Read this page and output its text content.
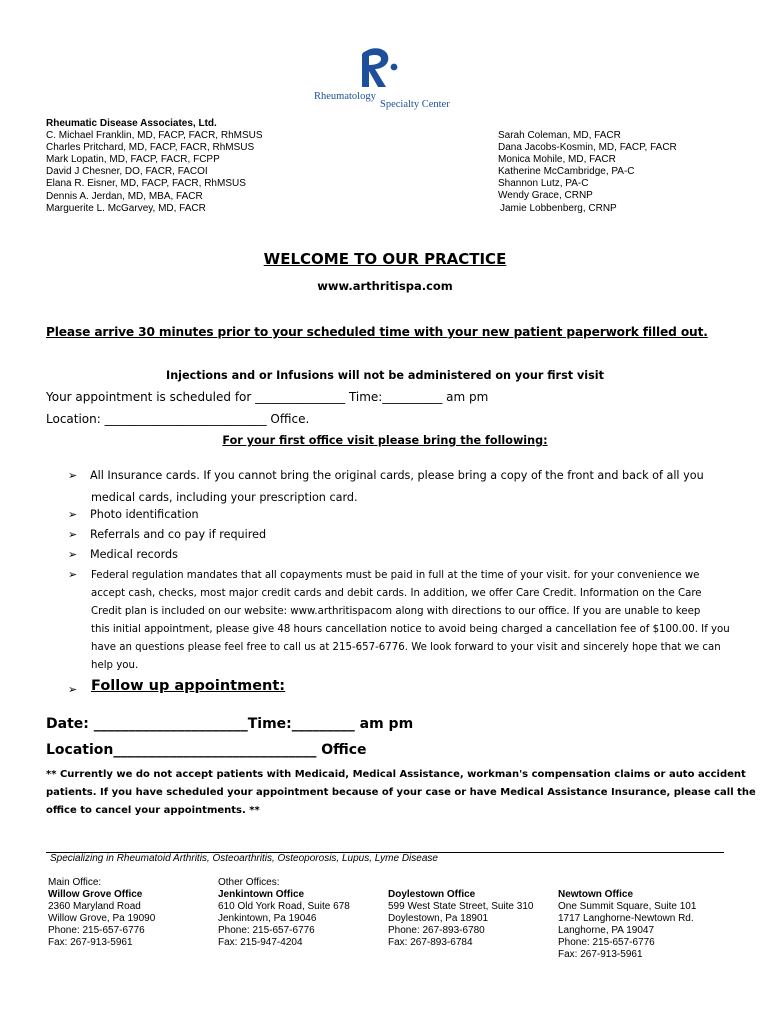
Rheumatology
Specialty Center
Rheumatic Disease Associates, Ltd.
C. Michael Franklin, MD, FACP, FACR, RhMSUS
Charles Pritchard, MD, FACP, FACR, RhMSUS
Mark Lopatin, MD, FACP, FACR, FCPP
David J Chesner, DO, FACR, FACOI
Elana R. Eisner, MD, FACP, FACR, RhMSUS
Dennis A. Jerdan, MD, MBA, FACR
Marguerite L. McGarvey, MD, FACR
Sarah Coleman, MD, FACR
Dana Jacobs-Kosmin, MD, FACP, FACR
Monica Mohile, MD, FACR
Katherine McCambridge, PA-C
Shannon Lutz, PA-C
Wendy Grace, CRNP
Jamie Lobbenberg, CRNP
WELCOME TO OUR PRACTICE
www.arthritispa.com
Please arrive 30 minutes prior to your scheduled time with your new patient paperwork filled out.
Injections and or Infusions will not be administered on your first visit
Your appointment is scheduled for _______________ Time:__________ am pm
Location: ___________________________ Office.
For your first office visit please bring the following:
➢ All Insurance cards. If you cannot bring the original cards, please bring a copy of the front and back of all you
medical cards, including your prescription card.
➢ Photo identification
➢ Referrals and co pay if required
➢ Medical records
➢ Federal regulation mandates that all copayments must be paid in full at the time of your visit. for your convenience we
accept cash, checks, most major credit cards and debit cards. In addition, we offer Care Credit. Information on the Care
Credit plan is included on our website: www.arthritispacom along with directions to our office. If you are unable to keep
this initial appointment, please give 48 hours cancellation notice to avoid being charged a cancellation fee of $100.00. If you
have an questions please feel free to call us at 215-657-6776. We look forward to your visit and sincerely hope that we can
help you.
➢ Follow up appointment:
Date: ______________________Time:_________ am pm
Location_____________________________ Office
** Currently we do not accept patients with Medicaid, Medical Assistance, workman's compensation claims or auto accident
patients. If you have scheduled your appointment because of your case or have Medical Assistance Insurance, please call the
office to cancel your appointments. **
Specializing in Rheumatoid Arthritis, Osteoarthritis, Osteoporosis, Lupus, Lyme Disease
Main Office:
Willow Grove Office
2360 Maryland Road
Willow Grove, Pa 19090
Phone: 215-657-6776
Fax: 267-913-5961
Other Offices:
Jenkintown Office
610 Old York Road, Suite 678
Jenkintown, Pa 19046
Phone: 215-657-6776
Fax: 215-947-4204
Doylestown Office
599 West State Street, Suite 310
Doylestown, Pa 18901
Phone: 267-893-6780
Fax: 267-893-6784
Newtown Office
One Summit Square, Suite 101
1717 Langhorne-Newtown Rd.
Langhorne, PA 19047
Phone: 215-657-6776
Fax: 267-913-5961
